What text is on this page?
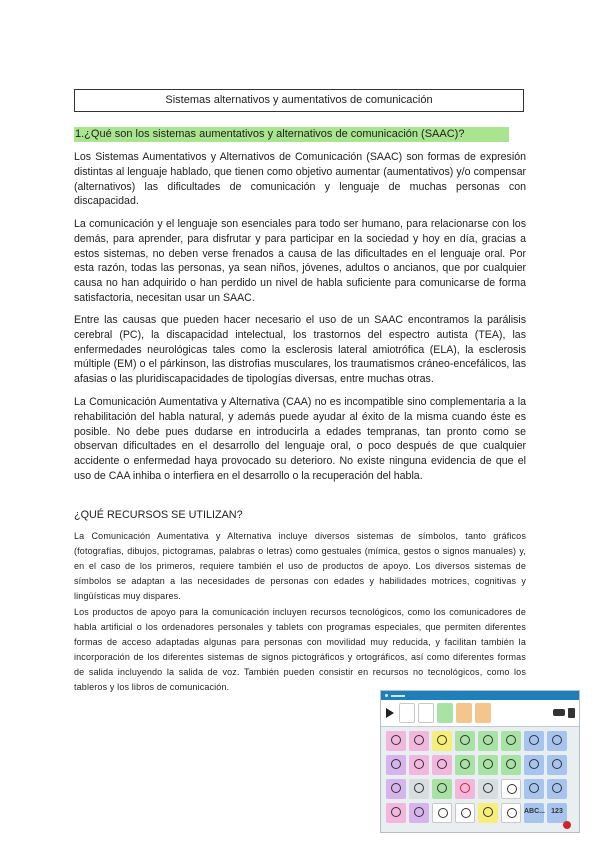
Sistemas alternativos y aumentativos de comunicación
1.¿Qué son los sistemas aumentativos y alternativos de comunicación (SAAC)?

Los Sistemas Aumentativos y Alternativos de Comunicación (SAAC) son formas de expresión distintas al lenguaje hablado, que tienen como objetivo aumentar (aumentativos) y/o compensar (alternativos) las dificultades de comunicación y lenguaje de muchas personas con discapacidad.

La comunicación y el lenguaje son esenciales para todo ser humano, para relacionarse con los demás, para aprender, para disfrutar y para participar en la sociedad y hoy en día, gracias a estos sistemas, no deben verse frenados a causa de las dificultades en el lenguaje oral. Por esta razón, todas las personas, ya sean niños, jóvenes, adultos o ancianos, que por cualquier causa no han adquirido o han perdido un nivel de habla suficiente para comunicarse de forma satisfactoria, necesitan usar un SAAC.

Entre las causas que pueden hacer necesario el uso de un SAAC encontramos la parálisis cerebral (PC), la discapacidad intelectual, los trastornos del espectro autista (TEA), las enfermedades neurológicas tales como la esclerosis lateral amiotrófica (ELA), la esclerosis múltiple (EM) o el párkinson, las distrofias musculares, los traumatismos cráneo-encefálicos, las afasias o las pluridiscapacidades de tipologías diversas, entre muchas otras.

La Comunicación Aumentativa y Alternativa (CAA) no es incompatible sino complementaria a la rehabilitación del habla natural, y además puede ayudar al éxito de la misma cuando éste es posible. No debe pues dudarse en introducirla a edades tempranas, tan pronto como se observan dificultades en el desarrollo del lenguaje oral, o poco después de que cualquier accidente o enfermedad haya provocado su deterioro. No existe ninguna evidencia de que el uso de CAA inhiba o interfiera en el desarrollo o la recuperación del habla.

¿QUÉ RECURSOS SE UTILIZAN?

La Comunicación Aumentativa y Alternativa incluye diversos sistemas de símbolos, tanto gráficos (fotografías, dibujos, pictogramas, palabras o letras) como gestuales (mímica, gestos o signos manuales) y, en el caso de los primeros, requiere también el uso de productos de apoyo. Los diversos sistemas de símbolos se adaptan a las necesidades de personas con edades y habilidades motrices, cognitivas y lingüísticas muy dispares.

Los productos de apoyo para la comunicación incluyen recursos tecnológicos, como los comunicadores de habla artificial o los ordenadores personales y tablets con programas especiales, que permiten diferentes formas de acceso adaptadas algunas para personas con movilidad muy reducida, y facilitan también la incorporación de los diferentes sistemas de signos pictográficos y ortográficos, así como diferentes formas de salida incluyendo la salida de voz. También pueden consistir en recursos no tecnológicos, como los tableros y los libros de comunicación.

ABC... 123
